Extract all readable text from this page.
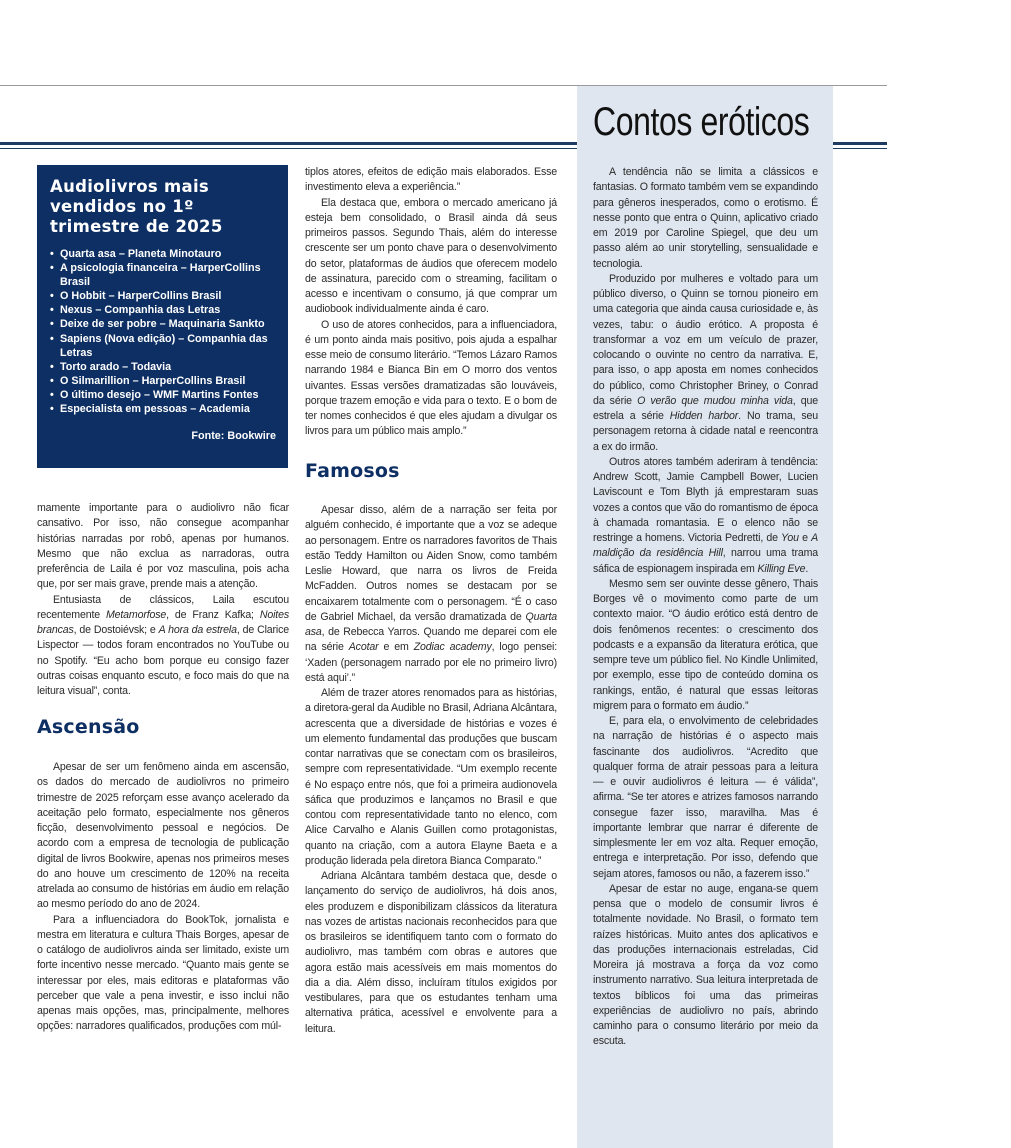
Contos eróticos
Audiolivros mais vendidos no 1º trimestre de 2025
• Quarta asa – Planeta Minotauro
• A psicologia financeira – HarperCollins Brasil
• O Hobbit – HarperCollins Brasil
• Nexus – Companhia das Letras
• Deixe de ser pobre – Maquinaria Sankto
• Sapiens (Nova edição) – Companhia das Letras
• Torto arado – Todavia
• O Silmarillion – HarperCollins Brasil
• O último desejo – WMF Martins Fontes
• Especialista em pessoas – Academia
Fonte: Bookwire

mamente importante para o audiolivro não ficar cansativo. Por isso, não consegue acompanhar histórias narradas por robô, apenas por humanos. Mesmo que não exclua as narradoras, outra preferência de Laila é por voz masculina, pois acha que, por ser mais grave, prende mais a atenção.

Entusiasta de clássicos, Laila escutou recentemente Metamorfose, de Franz Kafka; Noites brancas, de Dostoiévsk; e A hora da estrela, de Clarice Lispector — todos foram encontrados no YouTube ou no Spotify. “Eu acho bom porque eu consigo fazer outras coisas enquanto escuto, e foco mais do que na leitura visual”, conta.

Ascensão

Apesar de ser um fenômeno ainda em ascensão, os dados do mercado de audiolivros no primeiro trimestre de 2025 reforçam esse avanço acelerado da aceitação pelo formato, especialmente nos gêneros ficção, desenvolvimento pessoal e negócios. De acordo com a empresa de tecnologia de publicação digital de livros Bookwire, apenas nos primeiros meses do ano houve um crescimento de 120% na receita atrelada ao consumo de histórias em áudio em relação ao mesmo período do ano de 2024.

Para a influenciadora do BookTok, jornalista e mestra em literatura e cultura Thais Borges, apesar de o catálogo de audiolivros ainda ser limitado, existe um forte incentivo nesse mercado. “Quanto mais gente se interessar por eles, mais editoras e plataformas vão perceber que vale a pena investir, e isso inclui não apenas mais opções, mas, principalmente, melhores opções: narradores qualificados, produções com múl-

tiplos atores, efeitos de edição mais elaborados. Esse investimento eleva a experiência.”

Ela destaca que, embora o mercado americano já esteja bem consolidado, o Brasil ainda dá seus primeiros passos. Segundo Thais, além do interesse crescente ser um ponto chave para o desenvolvimento do setor, plataformas de áudios que oferecem modelo de assinatura, parecido com o streaming, facilitam o acesso e incentivam o consumo, já que comprar um audiobook individualmente ainda é caro.

O uso de atores conhecidos, para a influenciadora, é um ponto ainda mais positivo, pois ajuda a espalhar esse meio de consumo literário. “Temos Lázaro Ramos narrando 1984 e Bianca Bin em O morro dos ventos uivantes. Essas versões dramatizadas são louváveis, porque trazem emoção e vida para o texto. E o bom de ter nomes conhecidos é que eles ajudam a divulgar os livros para um público mais amplo.”

Famosos

Apesar disso, além de a narração ser feita por alguém conhecido, é importante que a voz se adeque ao personagem. Entre os narradores favoritos de Thais estão Teddy Hamilton ou Aiden Snow, como também Leslie Howard, que narra os livros de Freida McFadden. Outros nomes se destacam por se encaixarem totalmente com o personagem. “É o caso de Gabriel Michael, da versão dramatizada de Quarta asa, de Rebecca Yarros. Quando me deparei com ele na série Acotar e em Zodiac academy, logo pensei: ‘Xaden (personagem narrado por ele no primeiro livro) está aqui’.”

Além de trazer atores renomados para as histórias, a diretora-geral da Audible no Brasil, Adriana Alcântara, acrescenta que a diversidade de histórias e vozes é um elemento fundamental das produções que buscam contar narrativas que se conectam com os brasileiros, sempre com representatividade. “Um exemplo recente é No espaço entre nós, que foi a primeira audionovela sáfica que produzimos e lançamos no Brasil e que contou com representatividade tanto no elenco, com Alice Carvalho e Alanis Guillen como protagonistas, quanto na criação, com a autora Elayne Baeta e a produção liderada pela diretora Bianca Comparato.”

Adriana Alcântara também destaca que, desde o lançamento do serviço de audiolivros, há dois anos, eles produzem e disponibilizam clássicos da literatura nas vozes de artistas nacionais reconhecidos para que os brasileiros se identifiquem tanto com o formato do audiolivro, mas também com obras e autores que agora estão mais acessíveis em mais momentos do dia a dia. Além disso, incluíram títulos exigidos por vestibulares, para que os estudantes tenham uma alternativa prática, acessível e envolvente para a leitura.

A tendência não se limita a clássicos e fantasias. O formato também vem se expandindo para gêneros inesperados, como o erotismo. É nesse ponto que entra o Quinn, aplicativo criado em 2019 por Caroline Spiegel, que deu um passo além ao unir storytelling, sensualidade e tecnologia.

Produzido por mulheres e voltado para um público diverso, o Quinn se tornou pioneiro em uma categoria que ainda causa curiosidade e, às vezes, tabu: o áudio erótico. A proposta é transformar a voz em um veículo de prazer, colocando o ouvinte no centro da narrativa. E, para isso, o app aposta em nomes conhecidos do público, como Christopher Briney, o Conrad da série O verão que mudou minha vida, que estrela a série Hidden harbor. No trama, seu personagem retorna à cidade natal e reencontra a ex do irmão.

Outros atores também aderiram à tendência: Andrew Scott, Jamie Campbell Bower, Lucien Laviscount e Tom Blyth já emprestaram suas vozes a contos que vão do romantismo de época à chamada romantasia. E o elenco não se restringe a homens. Victoria Pedretti, de You e A maldição da residência Hill, narrou uma trama sáfica de espionagem inspirada em Killing Eve.

Mesmo sem ser ouvinte desse gênero, Thais Borges vê o movimento como parte de um contexto maior. “O áudio erótico está dentro de dois fenômenos recentes: o crescimento dos podcasts e a expansão da literatura erótica, que sempre teve um público fiel. No Kindle Unlimited, por exemplo, esse tipo de conteúdo domina os rankings, então, é natural que essas leitoras migrem para o formato em áudio.”

E, para ela, o envolvimento de celebridades na narração de histórias é o aspecto mais fascinante dos audiolivros. “Acredito que qualquer forma de atrair pessoas para a leitura — e ouvir audiolivros é leitura — é válida”, afirma. “Se ter atores e atrizes famosos narrando consegue fazer isso, maravilha. Mas é importante lembrar que narrar é diferente de simplesmente ler em voz alta. Requer emoção, entrega e interpretação. Por isso, defendo que sejam atores, famosos ou não, a fazerem isso.”

Apesar de estar no auge, engana-se quem pensa que o modelo de consumir livros é totalmente novidade. No Brasil, o formato tem raízes históricas. Muito antes dos aplicativos e das produções internacionais estreladas, Cid Moreira já mostrava a força da voz como instrumento narrativo. Sua leitura interpretada de textos bíblicos foi uma das primeiras experiências de audiolivro no país, abrindo caminho para o consumo literário por meio da escuta.
